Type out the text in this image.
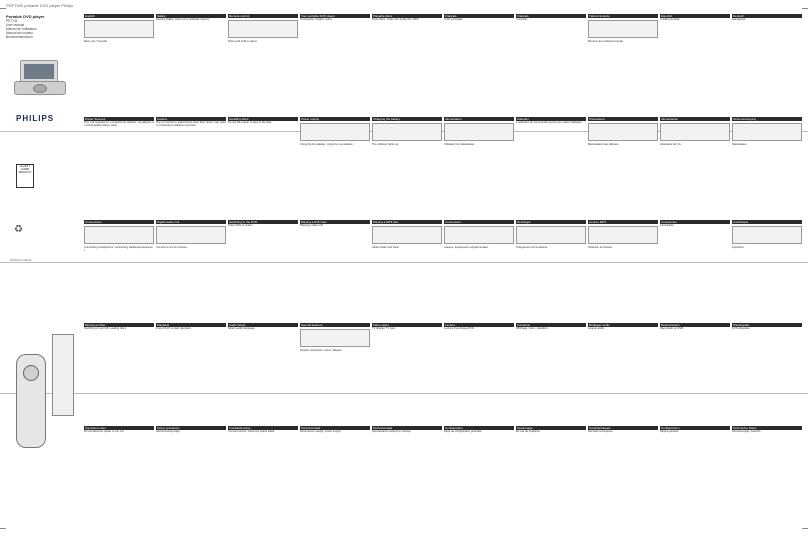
PDP7000 portable DVD player Philips
Portable DVD player
PET741
User manual
Manuel de l'utilisateur
Manual del usuario
Benutzerhandbuch
PHILIPS
CLASS 1 LASER PRODUCT
♻
Printed in China
English
Main unit / Controls
Power Sources
This unit operates on a supplied AC adapter, car adaptor or rechargeable battery pack.
Connections
Connecting headphones. Connecting additional equipment.
Moving on Disc
Switching on and off. Loading discs.
Important notes
Do not allow the power to run out.
Safety
Hearing Safety. Listen at a moderate volume.
Caution
Use of controls or adjustments other than herein may result in hazardous radiation exposure.
Digital Audio Out
Connect to an AV receiver.
Playback
Press PLAY to start playback.
Setup operations
General setup page.
Remote control
Press and hold to select.
Handling discs
Do not affix paper or tape to the disc.
Switching to the DVD
Press DVD to select.
Audio Setup
Select audio language.
Troubleshooting
If a fault occurs, check the points listed.
Your portable DVD player
Introduction. Region codes.
Power supply
Using the AC adapter. Using the car adapter.
Playing a DVD disc
Playing a video CD.
Special features
Display information. Zoom. Repeat.
Technical data
Dimensions, weight, power supply.
Playable discs
DVD-Video, Video CD, Audio CD, MP3.
Charging the battery
The indicator lights up.
Playing a MP3 disc
Select folder and track.
Video setup
TV display, TV type.
Technical data
Specifications subject to change.
Français
Unité principale
Alimentation
Utilisation de l'adaptateur.
Connexions
Casque, équipement supplémentaire.
Lecture
Lecture d'un disque DVD.
Configuration
Page de configuration générale.
Français
Contrôles
Attention
L'utilisation de commandes autres que celles indiquées.
Recharger
Chargement de la batterie.
Fonctions
Affichage, zoom, répétition.
Dépannage
En cas de problème.
Télécommande
Boutons de la télécommande.
Précautions
Manipulation des disques.
Lecture MP3
Sélection du dossier.
Réglages audio
Langue audio.
Caractéristiques
Données techniques.
Español
Unidad principal
Alimentación
Adaptador de CA.
Conexiones
Auriculares.
Reproducción
Reproducir un DVD.
Configuración
Página general.
Deutsch
Hauptgerät
Stromversorgung
Netzadapter.
Anschlüsse
Kopfhörer.
Wiedergabe
DVD abspielen.
Technische Daten
Abmessungen, Gewicht.
